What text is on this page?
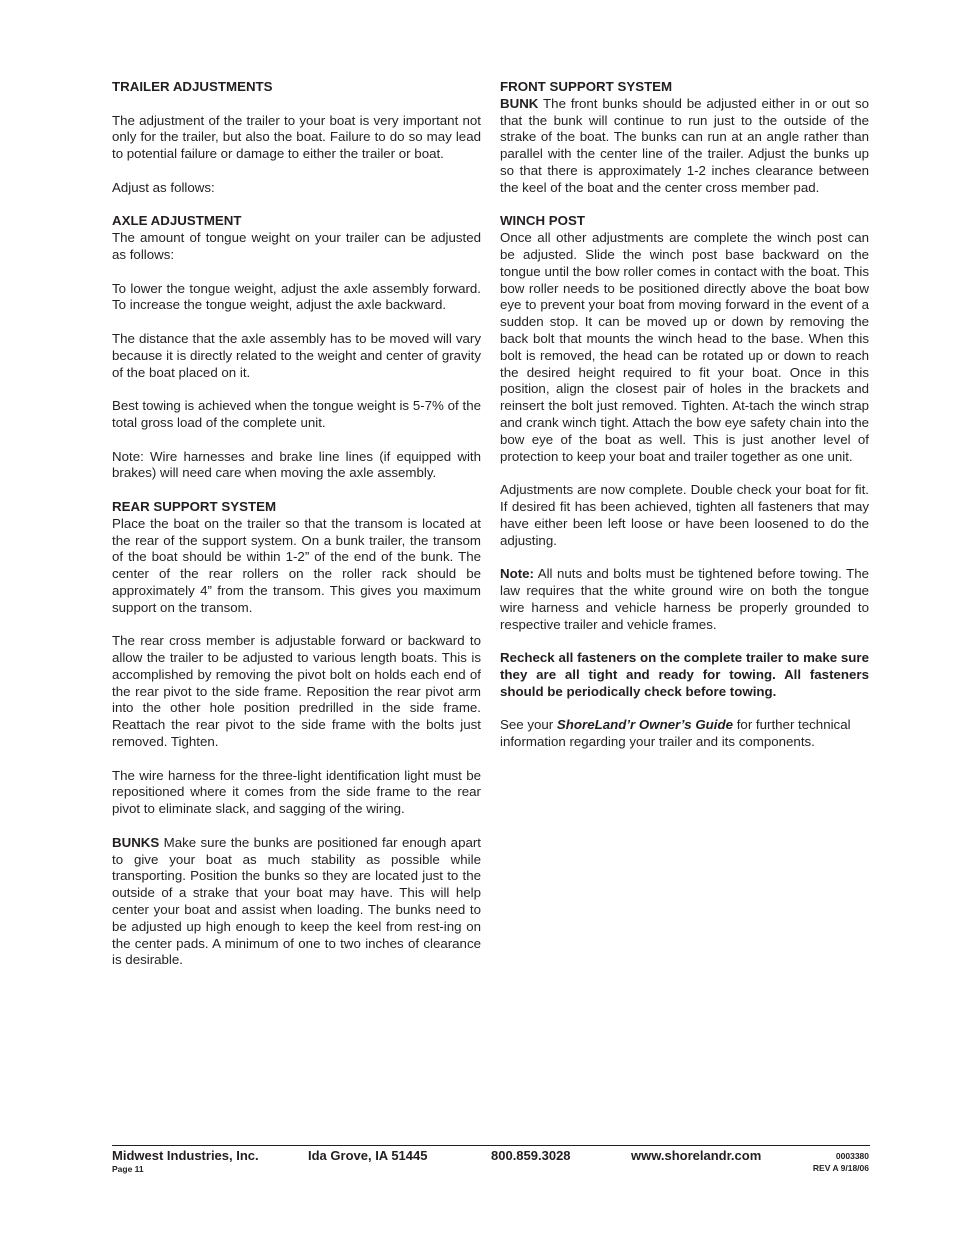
TRAILER ADJUSTMENTS

The adjustment of the trailer to your boat is very important not only for the trailer, but also the boat. Failure to do so may lead to potential failure or damage to either the trailer or boat.

Adjust as follows:

AXLE ADJUSTMENT

The amount of tongue weight on your trailer can be adjusted as follows:

To lower the tongue weight, adjust the axle assembly forward. To increase the tongue weight, adjust the axle backward.

The distance that the axle assembly has to be moved will vary because it is directly related to the weight and center of gravity of the boat placed on it.

Best towing is achieved when the tongue weight is 5-7% of the total gross load of the complete unit.

Note: Wire harnesses and brake line lines (if equipped with brakes) will need care when moving the axle assembly.

REAR SUPPORT SYSTEM

Place the boat on the trailer so that the transom is located at the rear of the support system. On a bunk trailer, the transom of the boat should be within 1-2” of the end of the bunk. The center of the rear rollers on the roller rack should be approximately 4” from the transom. This gives you maximum support on the transom.

The rear cross member is adjustable forward or backward to allow the trailer to be adjusted to various length boats. This is accomplished by removing the pivot bolt on holds each end of the rear pivot to the side frame. Reposition the rear pivot arm into the other hole position predrilled in the side frame. Reattach the rear pivot to the side frame with the bolts just removed. Tighten.

The wire harness for the three-light identification light must be repositioned where it comes from the side frame to the rear pivot to eliminate slack, and sagging of the wiring.

BUNKS Make sure the bunks are positioned far enough apart to give your boat as much stability as possible while transporting. Position the bunks so they are located just to the outside of a strake that your boat may have. This will help center your boat and assist when loading. The bunks need to be adjusted up high enough to keep the keel from rest-ing on the center pads. A minimum of one to two inches of clearance is desirable.

FRONT SUPPORT SYSTEM

BUNK The front bunks should be adjusted either in or out so that the bunk will continue to run just to the outside of the strake of the boat. The bunks can run at an angle rather than parallel with the center line of the trailer. Adjust the bunks up so that there is approximately 1-2 inches clearance between the keel of the boat and the center cross member pad.

WINCH POST

Once all other adjustments are complete the winch post can be adjusted. Slide the winch post base backward on the tongue until the bow roller comes in contact with the boat. This bow roller needs to be positioned directly above the boat bow eye to prevent your boat from moving forward in the event of a sudden stop. It can be moved up or down by removing the back bolt that mounts the winch head to the base. When this bolt is removed, the head can be rotated up or down to reach the desired height required to fit your boat. Once in this position, align the closest pair of holes in the brackets and reinsert the bolt just removed. Tighten. At-tach the winch strap and crank winch tight. Attach the bow eye safety chain into the bow eye of the boat as well. This is just another level of protection to keep your boat and trailer together as one unit.

Adjustments are now complete. Double check your boat for fit. If desired fit has been achieved, tighten all fasteners that may have either been left loose or have been loosened to do the adjusting.

Note: All nuts and bolts must be tightened before towing. The law requires that the white ground wire on both the tongue wire harness and vehicle harness be properly grounded to respective trailer and vehicle frames.

Recheck all fasteners on the complete trailer to make sure they are all tight and ready for towing. All fasteners should be periodically check before towing.

See your ShoreLand’r Owner’s Guide for further technical information regarding your trailer and its components.

Midwest Industries, Inc.	Ida Grove, IA 51445	800.859.3028	www.shorelandr.com
Page 11
0003380
REV A 9/18/06
